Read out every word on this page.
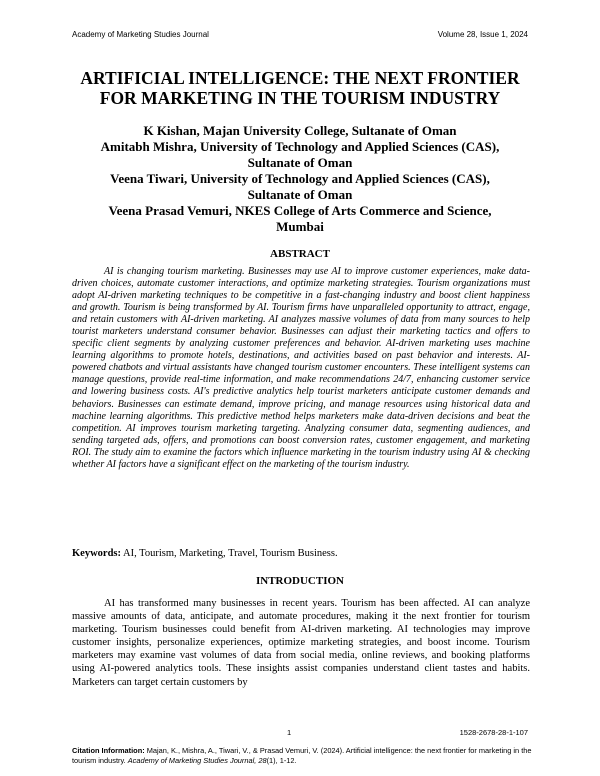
Academy of Marketing Studies Journal	Volume 28, Issue 1, 2024
ARTIFICIAL INTELLIGENCE: THE NEXT FRONTIER
FOR MARKETING IN THE TOURISM INDUSTRY
K Kishan, Majan University College, Sultanate of Oman
Amitabh Mishra, University of Technology and Applied Sciences (CAS),
Sultanate of Oman
Veena Tiwari, University of Technology and Applied Sciences (CAS),
Sultanate of Oman
Veena Prasad Vemuri, NKES College of Arts Commerce and Science,
Mumbai
ABSTRACT

AI is changing tourism marketing. Businesses may use AI to improve customer experiences, make data-driven choices, automate customer interactions, and optimize marketing strategies. Tourism organizations must adopt AI-driven marketing techniques to be competitive in a fast-changing industry and boost client happiness and growth. Tourism is being transformed by AI. Tourism firms have unparalleled opportunity to attract, engage, and retain customers with AI-driven marketing. AI analyzes massive volumes of data from many sources to help tourist marketers understand consumer behavior. Businesses can adjust their marketing tactics and offers to specific client segments by analyzing customer preferences and behavior. AI-driven marketing uses machine learning algorithms to promote hotels, destinations, and activities based on past behavior and interests. AI-powered chatbots and virtual assistants have changed tourism customer encounters. These intelligent systems can manage questions, provide real-time information, and make recommendations 24/7, enhancing customer service and lowering business costs. AI's predictive analytics help tourist marketers anticipate customer demands and behaviors. Businesses can estimate demand, improve pricing, and manage resources using historical data and machine learning algorithms. This predictive method helps marketers make data-driven decisions and beat the competition. AI improves tourism marketing targeting. Analyzing consumer data, segmenting audiences, and sending targeted ads, offers, and promotions can boost conversion rates, customer engagement, and marketing ROI. The study aim to examine the factors which influence marketing in the tourism industry using AI & checking whether AI factors have a significant effect on the marketing of the tourism industry.

Keywords: AI, Tourism, Marketing, Travel, Tourism Business.

INTRODUCTION

AI has transformed many businesses in recent years. Tourism has been affected. AI can analyze massive amounts of data, anticipate, and automate procedures, making it the next frontier for tourism marketing. Tourism businesses could benefit from AI-driven marketing. AI technologies may improve customer insights, personalize experiences, optimize marketing strategies, and boost income. Tourism marketers may examine vast volumes of data from social media, online reviews, and booking platforms using AI-powered analytics tools. These insights assist companies understand client tastes and habits. Marketers can target certain customers by

1	1528-2678-28-1-107

Citation Information: Majan, K., Mishra, A., Tiwari, V., & Prasad Vemuri, V. (2024). Artificial intelligence: the next frontier for marketing in the tourism industry. Academy of Marketing Studies Journal, 28(1), 1-12.
